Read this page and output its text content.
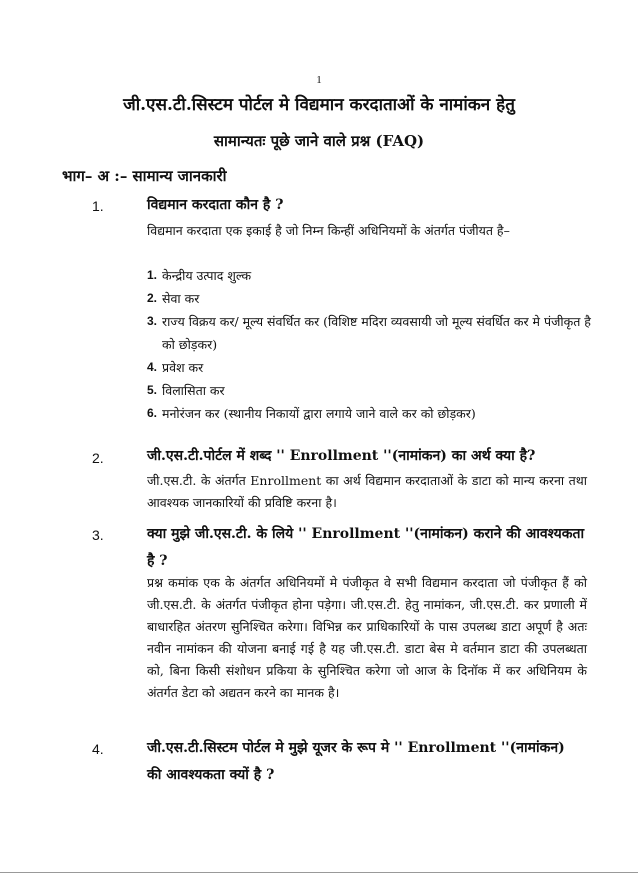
1
जी.एस.टी.सिस्टम पोर्टल मे विद्यमान करदाताओं के नामांकन हेतु
सामान्यतः पूछे जाने वाले प्रश्न (FAQ)
भाग– अ :– सामान्य जानकारी
1.	विद्यमान करदाता कौन है ?
विद्यमान करदाता एक इकाई है जो निम्न किन्हीं अधिनियमों के अंतर्गत पंजीयत है–
1. केन्द्रीय उत्पाद शुल्क
2. सेवा कर
3. राज्य विक्रय कर/ मूल्य संवर्धित कर (विशिष्ट मदिरा व्यवसायी जो मूल्य संवर्धित कर मे पंजीकृत है को छोड़कर)
4. प्रवेश कर
5. विलासिता कर
6. मनोरंजन कर (स्थानीय निकायों द्वारा लगाये जाने वाले कर को छोड़कर)
2.	जी.एस.टी.पोर्टल में शब्द '' Enrollment ''(नामांकन) का अर्थ क्या है?
जी.एस.टी. के अंतर्गत Enrollment का अर्थ विद्यमान करदाताओं के डाटा को मान्य करना तथा आवश्यक जानकारियों की प्रविष्टि करना है।
3.	क्या मुझे जी.एस.टी. के लिये '' Enrollment ''(नामांकन) कराने की आवश्यकता है ?
प्रश्न कमांक एक के अंतर्गत अधिनियमों मे पंजीकृत वे सभी विद्यमान करदाता जो पंजीकृत हैं को जी.एस.टी. के अंतर्गत पंजीकृत होना पड़ेगा। जी.एस.टी. हेतु नामांकन, जी.एस.टी. कर प्रणाली में बाधारहित अंतरण सुनिश्चित करेगा। विभिन्न कर प्राधिकारियों के पास उपलब्ध डाटा अपूर्ण है अतः नवीन नामांकन की योजना बनाई गई है यह जी.एस.टी. डाटा बेस मे वर्तमान डाटा की उपलब्धता को, बिना किसी संशोधन प्रकिया के सुनिश्चित करेगा जो आज के दिनॉक में कर अधिनियम के अंतर्गत डेटा को अद्यतन करने का मानक है।
4.	जी.एस.टी.सिस्टम पोर्टल मे मुझे यूजर के रूप मे '' Enrollment ''(नामांकन) की आवश्यकता क्यों है ?
